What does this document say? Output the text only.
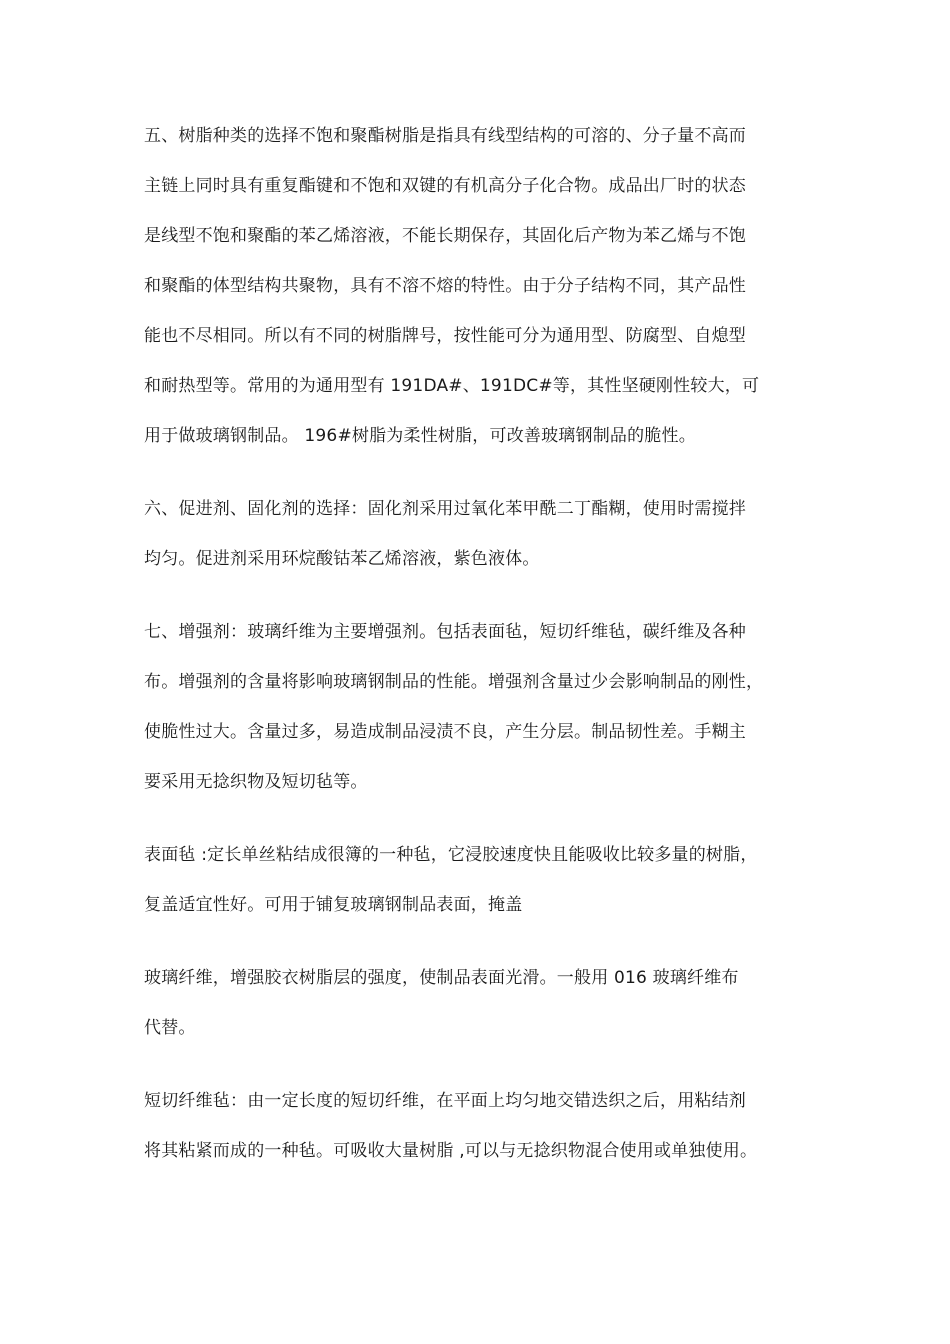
五、树脂种类的选择不饱和聚酯树脂是指具有线型结构的可溶的、分子量不高而
主链上同时具有重复酯键和不饱和双键的有机高分子化合物。成品出厂时的状态
是线型不饱和聚酯的苯乙烯溶液，不能长期保存，其固化后产物为苯乙烯与不饱
和聚酯的体型结构共聚物，具有不溶不熔的特性。由于分子结构不同，其产品性
能也不尽相同。所以有不同的树脂牌号，按性能可分为通用型、防腐型、自熄型
和耐热型等。常用的为通用型有 191DA#、191DC#等，其性坚硬刚性较大，可
用于做玻璃钢制品。 196#树脂为柔性树脂，可改善玻璃钢制品的脆性。
六、促进剂、固化剂的选择：固化剂采用过氧化苯甲酰二丁酯糊，使用时需搅拌
均匀。促进剂采用环烷酸钴苯乙烯溶液，紫色液体。
七、增强剂：玻璃纤维为主要增强剂。包括表面毡，短切纤维毡，碳纤维及各种
布。增强剂的含量将影响玻璃钢制品的性能。增强剂含量过少会影响制品的刚性，
使脆性过大。含量过多，易造成制品浸渍不良，产生分层。制品韧性差。手糊主
要采用无捻织物及短切毡等。
表面毡 :定长单丝粘结成很簿的一种毡，它浸胶速度快且能吸收比较多量的树脂，
复盖适宜性好。可用于铺复玻璃钢制品表面，掩盖
玻璃纤维，增强胶衣树脂层的强度，使制品表面光滑。一般用 016 玻璃纤维布
代替。
短切纤维毡：由一定长度的短切纤维，在平面上均匀地交错迭织之后，用粘结剂
将其粘紧而成的一种毡。可吸收大量树脂 ,可以与无捻织物混合使用或单独使用。
